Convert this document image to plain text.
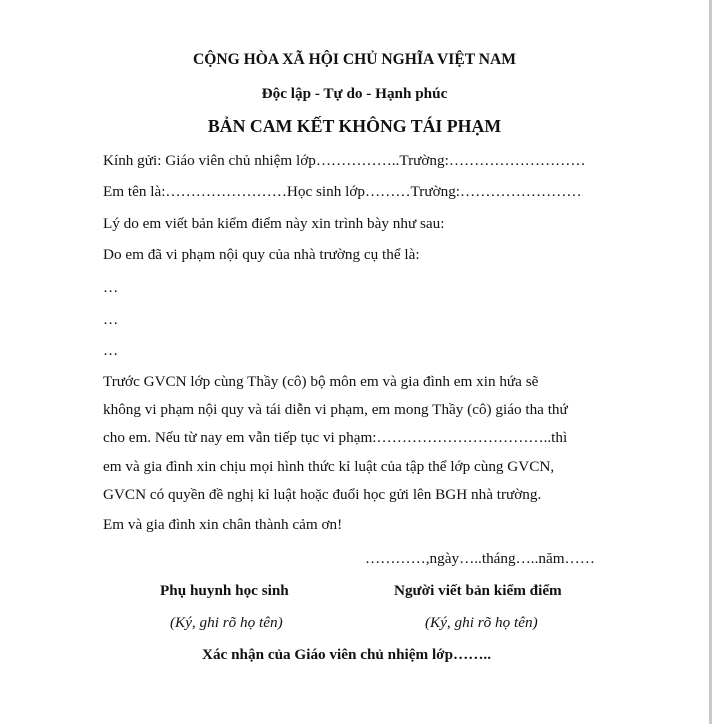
CỘNG HÒA XÃ HỘI CHỦ NGHĨA VIỆT NAM
Độc lập - Tự do - Hạnh phúc
BẢN CAM KẾT KHÔNG TÁI PHẠM
Kính gửi: Giáo viên chủ nhiệm lớp……………..Trường:………………………
Em tên là:……………………Học sinh lớp………Trường:……………………
Lý do em viết bản kiểm điểm này xin trình bày như sau:
Do em đã vi phạm nội quy của nhà trường cụ thể là:
…
…
…
Trước GVCN lớp cùng Thầy (cô) bộ môn em và gia đình em xin hứa sẽ
không vi phạm nội quy và tái diễn vi phạm, em mong Thầy (cô) giáo tha thứ
cho em. Nếu từ nay em vẫn tiếp tục vi phạm:……………………………..thì
em và gia đình xin chịu mọi hình thức kỉ luật của tập thể lớp cùng GVCN,
GVCN có quyền đề nghị kỉ luật hoặc đuổi học gửi lên BGH nhà trường.
Em và gia đình xin chân thành cảm ơn!
…………,ngày…..tháng…..năm……
Phụ huynh học sinh	Người viết bản kiểm điểm
(Ký, ghi rõ họ tên)	(Ký, ghi rõ họ tên)
Xác nhận của Giáo viên chủ nhiệm lớp……..
